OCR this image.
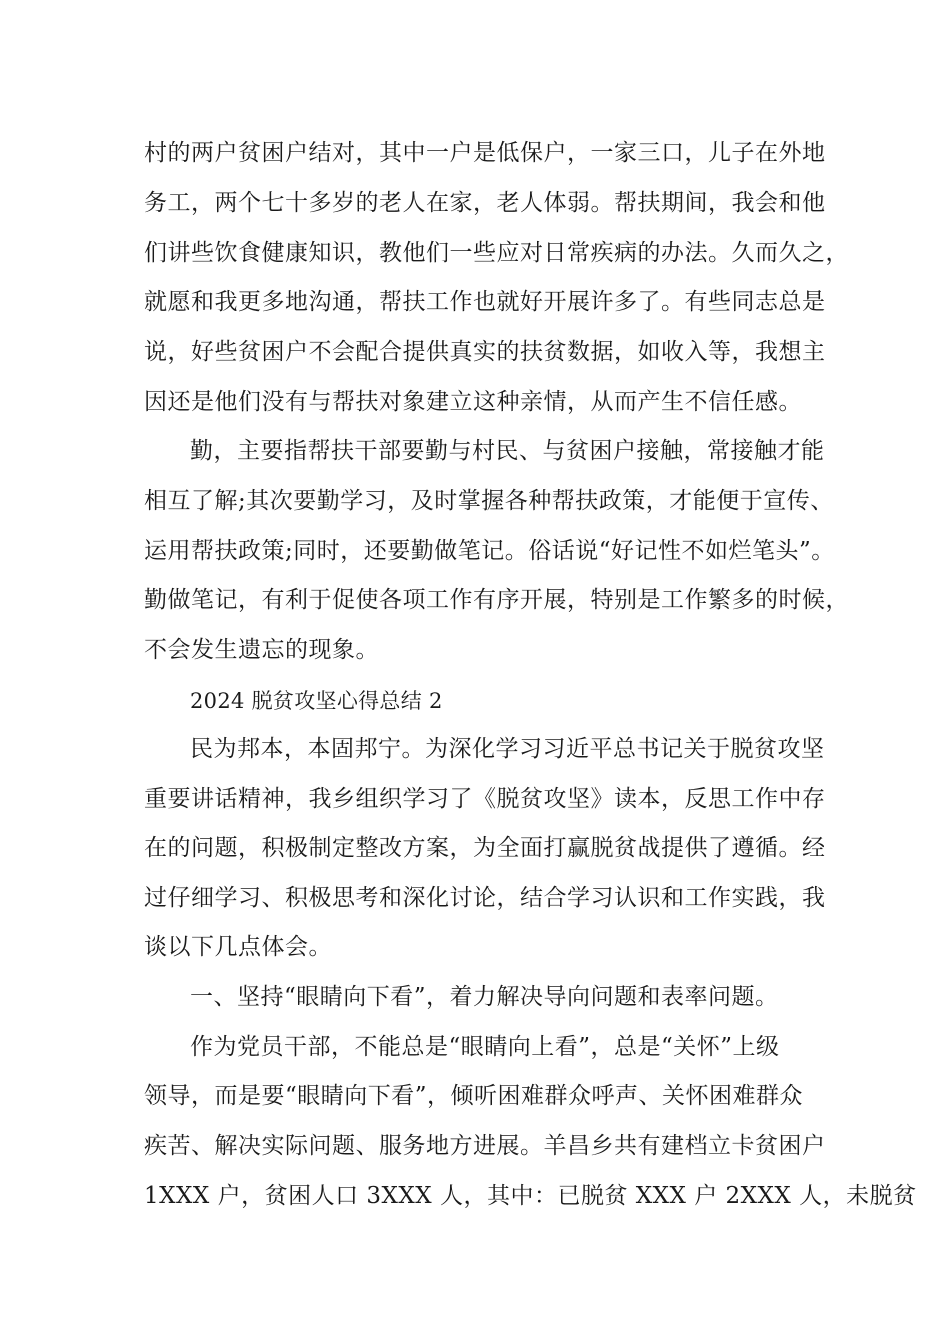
村的两户贫困户结对，其中一户是低保户，一家三口，儿子在外地
务工，两个七十多岁的老人在家，老人体弱。帮扶期间，我会和他
们讲些饮食健康知识，教他们一些应对日常疾病的办法。久而久之，
就愿和我更多地沟通，帮扶工作也就好开展许多了。有些同志总是
说，好些贫困户不会配合提供真实的扶贫数据，如收入等，我想主
因还是他们没有与帮扶对象建立这种亲情，从而产生不信任感。
勤，主要指帮扶干部要勤与村民、与贫困户接触，常接触才能
相互了解;其次要勤学习，及时掌握各种帮扶政策，才能便于宣传、
运用帮扶政策;同时，还要勤做笔记。俗话说“好记性不如烂笔头”。
勤做笔记，有利于促使各项工作有序开展，特别是工作繁多的时候，
不会发生遗忘的现象。
2024 脱贫攻坚心得总结 2
民为邦本，本固邦宁。为深化学习习近平总书记关于脱贫攻坚
重要讲话精神，我乡组织学习了《脱贫攻坚》读本，反思工作中存
在的问题，积极制定整改方案，为全面打赢脱贫战提供了遵循。经
过仔细学习、积极思考和深化讨论，结合学习认识和工作实践，我
谈以下几点体会。
一、坚持“眼睛向下看”，着力解决导向问题和表率问题。
作为党员干部，不能总是“眼睛向上看”，总是“关怀”上级
领导，而是要“眼睛向下看”，倾听困难群众呼声、关怀困难群众
疾苦、解决实际问题、服务地方进展。羊昌乡共有建档立卡贫困户
1XXX 户，贫困人口 3XXX 人，其中：已脱贫 XXX 户 2XXX 人，未脱贫
